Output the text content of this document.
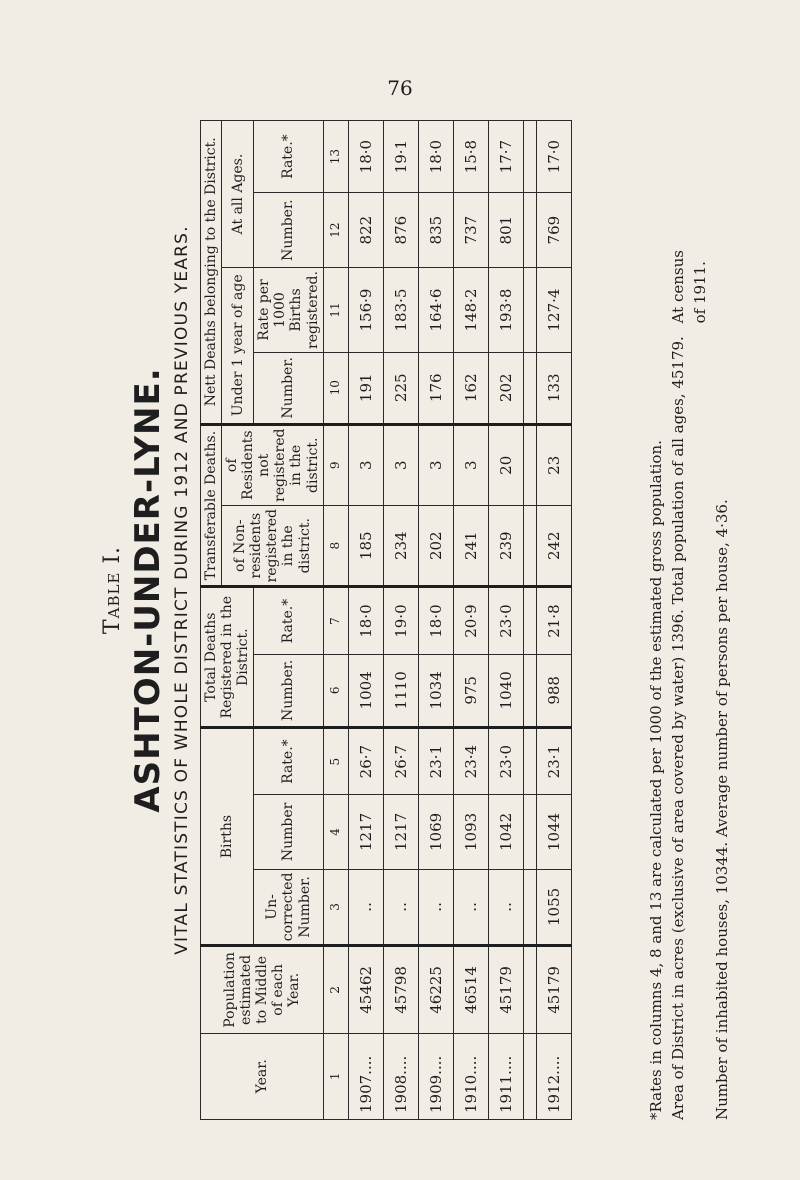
76
Table I. ASHTON-UNDER-LYNE. VITAL STATISTICS OF WHOLE DISTRICT DURING 1912 AND PREVIOUS YEARS.
Year.	Population estimated to Middle of each Year.	Births			Total Deaths Registered in the District.		Transferable Deaths.		Nett Deaths belonging to the District.			
							of Non-residents registered in the district.	of Residents not registered in the district.	Under 1 year of age		At all Ages.	
		Un-corrected Number.	Number	Rate.*	Number.	Rate.*			Number.	Rate per 1000 Births registered.	Number.	Rate.*
1	2	3	4	5	6	7	8	9	10	11	12	13
1907....	45462	..	1217	26·7	1004	18·0	185	3	191	156·9	822	18·0
1908....	45798	..	1217	26·7	1110	19·0	234	3	225	183·5	876	19·1
1909....	46225	..	1069	23·1	1034	18·0	202	3	176	164·6	835	18·0
1910....	46514	..	1093	23·4	975	20·9	241	3	162	148·2	737	15·8
1911....	45179	..	1042	23·0	1040	23·0	239	20	202	193·8	801	17·7

1912....	45179	1055	1044	23·1	988	21·8	242	23	133	127·4	769	17·0
*Rates in columns 4, 8 and 13 are calculated per 1000 of the estimated gross population. Area of District in acres (exclusive of area covered by water) 1396. Total population of all ages, 45179. At census of 1911.
Number of inhabited houses, 10344. Average number of persons per house, 4·36.
